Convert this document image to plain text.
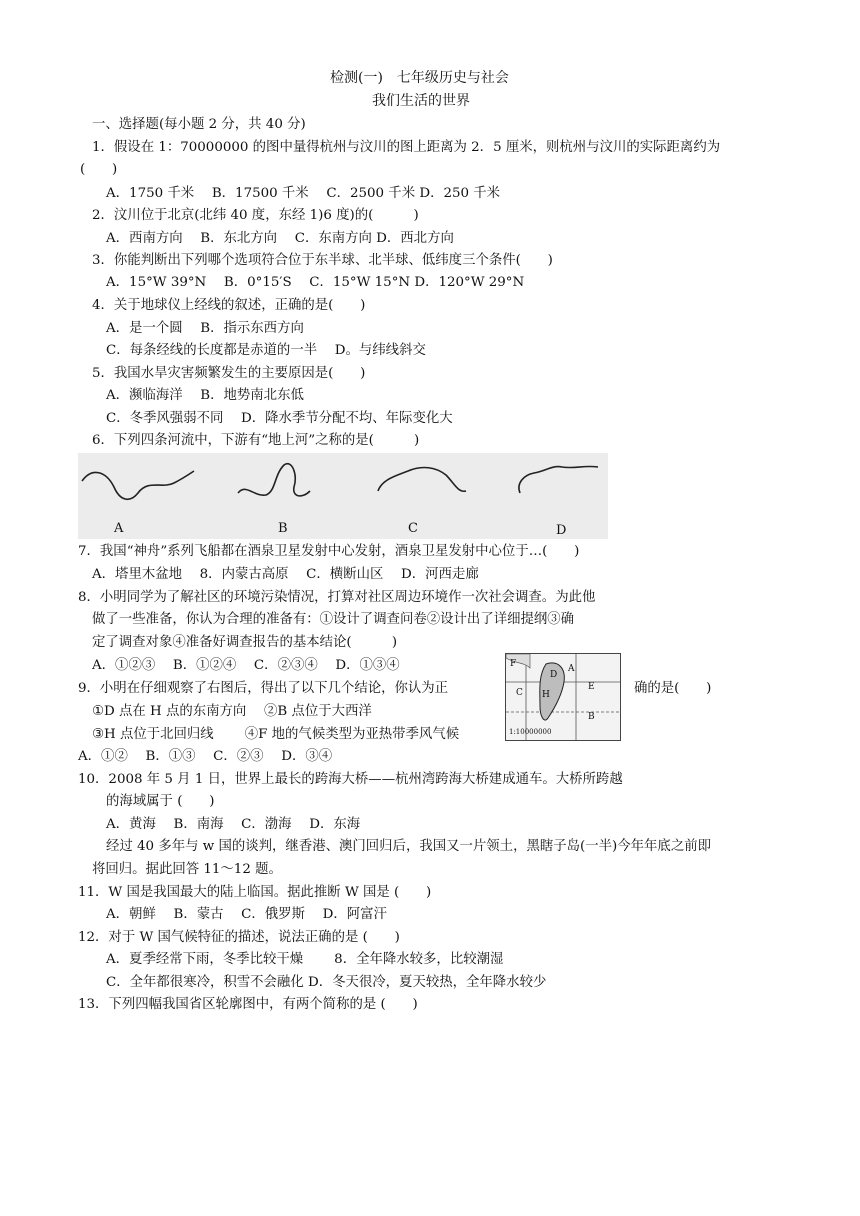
检测(一)　七年级历史与社会
我们生活的世界
一、选择题(每小题 2 分，共 40 分)
1．假设在 1：70000000 的图中量得杭州与汶川的图上距离为 2．5 厘米，则杭州与汶川的实际距离约为
(　　)
A．1750 千米　 B．17500 千米　 C．2500 千米 D．250 千米
2．汶川位于北京(北纬 40 度，东经 1)6 度)的(　　　)
A．西南方向　 B．东北方向　 C．东南方向 D．西北方向
3．你能判断出下列哪个选项符合位于东半球、北半球、低纬度三个条件(　　)
A．15°W 39°N　 B．0°15′S　 C．15°W 15°N D．120°W 29°N
4．关于地球仪上经线的叙述，正确的是(　　)
A．是一个圆　 B．指示东西方向
C．每条经线的长度都是赤道的一半　 D。与纬线斜交
5．我国水旱灾害频繁发生的主要原因是(　　)
A．濒临海洋　 B．地势南北东低
C．冬季风强弱不同　 D．降水季节分配不均、年际变化大
6．下列四条河流中，下游有“地上河”之称的是(　　　)
A	B	C	D
7．我国“神舟”系列飞船都在酒泉卫星发射中心发射，酒泉卫星发射中心位于…(　　)
A．塔里木盆地　 8．内蒙古高原　 C．横断山区　 D．河西走廊
8．小明同学为了解社区的环境污染情况，打算对社区周边环境作一次社会调查。为此他
做了一些准备，你认为合理的准备有：①设计了调查问卷②设计出了详细提纲③确
定了调查对象④准备好调查报告的基本结论(　　　)
A．①②③　 B．①②④　 C．②③④　 D．①③④	F
C
D
A
H
E
B
1:10000000
9．小明在仔细观察了右图后，得出了以下几个结论，你认为正	确的是(　　)
①D 点在 H 点的东南方向　 ②B 点位于大西洋
③H 点位于北回归线　　 ④F 地的气候类型为亚热带季风气候
A．①②　 B．①③　 C．②③　 D．③④
10．2008 年 5 月 1 日，世界上最长的跨海大桥——杭州湾跨海大桥建成通车。大桥所跨越
的海域属于 (　　)
A．黄海　 B．南海　 C．渤海　 D．东海
经过 40 多年与 w 国的谈判，继香港、澳门回归后，我国又一片领土，黑瞎子岛(一半)今年年底之前即
将回归。据此回答 11～12 题。
11．W 国是我国最大的陆上临国。据此推断 W 国是 (　　)
A．朝鲜　 B．蒙古　 C．俄罗斯　 D．阿富汗
12．对于 W 国气候特征的描述，说法正确的是 (　　)
A．夏季经常下雨，冬季比较干燥　　 8．全年降水较多，比较潮湿
C．全年都很寒冷，积雪不会融化 D．冬天很冷，夏天较热，全年降水较少
13．下列四幅我国省区轮廓图中，有两个简称的是 (　　)
